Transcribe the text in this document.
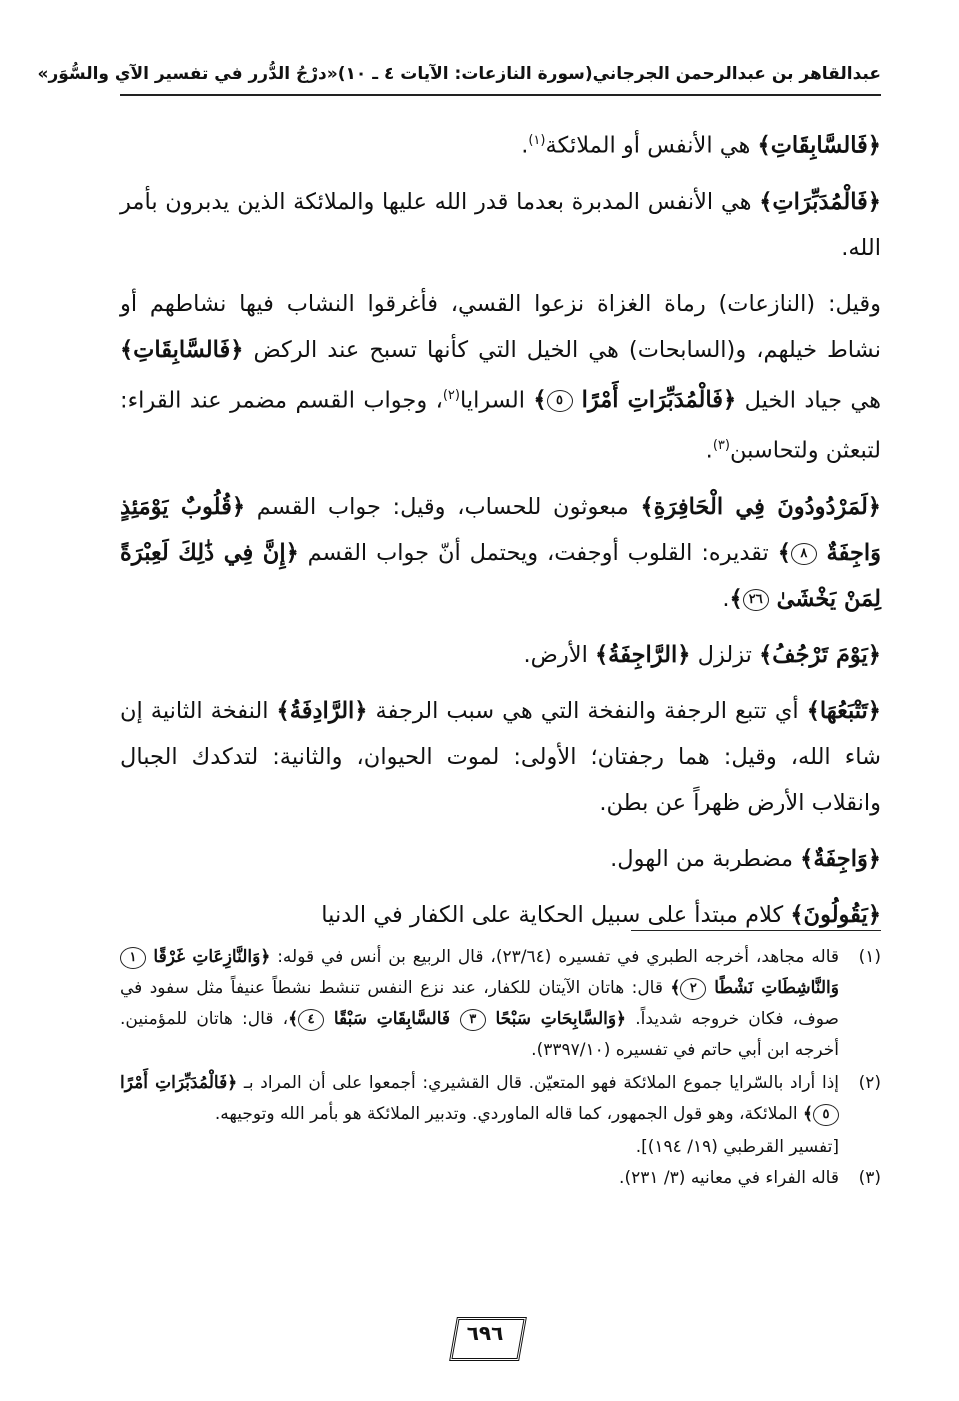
عبدالقاهر بن عبدالرحمن الجرجاني
(سورة النازعات: الآيات ٤ ـ ١٠)
«درْجُ الدُّرر في تفسير الآي والسُّوَر»

﴿فَالسَّابِقَاتِ﴾ هي الأنفس أو الملائكة$^{(١)}$.

﴿فَالْمُدَبِّرَاتِ﴾ هي الأنفس المدبرة بعدما قدر الله عليها والملائكة الذين يدبرون بأمر الله.

وقيل: (النازعات) رماة الغزاة نزعوا القسي، فأغرقوا النشاب فيها نشاطهم أو نشاط خيلهم، و(السابحات) هي الخيل التي كأنها تسبح عند الركض ﴿فَالسَّابِقَاتِ﴾ هي جياد الخيل ﴿فَالْمُدَبِّرَاتِ أَمْرًا ٥﴾ السرايا$^{(٢)}$، وجواب القسم مضمر عند القراء: لتبعثن ولتحاسبن$^{(٣)}$.

﴿لَمَرْدُودُونَ فِي الْحَافِرَةِ﴾ مبعوثون للحساب، وقيل: جواب القسم ﴿قُلُوبٌ يَوْمَئِذٍ وَاجِفَةٌ ٨﴾ تقديره: القلوب أوجفت، ويحتمل أنّ جواب القسم ﴿إِنَّ فِي ذَٰلِكَ لَعِبْرَةً لِمَنْ يَخْشَىٰ ٢٦﴾.

﴿يَوْمَ تَرْجُفُ﴾ تزلزل ﴿الرَّاجِفَةُ﴾ الأرض.

﴿تَتْبَعُهَا﴾ أي تتبع الرجفة والنفخة التي هي سبب الرجفة ﴿الرَّادِفَةُ﴾ النفخة الثانية إن شاء الله، وقيل: هما رجفتان؛ الأولى: لموت الحيوان، والثانية: لتدكدك الجبال وانقلاب الأرض ظهراً عن بطن.

﴿وَاجِفَةٌ﴾ مضطربة من الهول.

﴿يَقُولُونَ﴾ كلام مبتدأ على سبيل الحكاية على الكفار في الدنيا

(١)
قاله مجاهد، أخرجه الطبري في تفسيره (٢٣/٦٤)، قال الربيع بن أنس في قوله: ﴿وَالنَّازِعَاتِ غَرْقًا ١ وَالنَّاشِطَاتِ نَشْطًا ٢﴾ قال: هاتان الآيتان للكفار، عند نزع النفس تنشط نشطاً عنيفاً مثل سفود في صوف، فكان خروجه شديداً. ﴿وَالسَّابِحَاتِ سَبْحًا ٣ فَالسَّابِقَاتِ سَبْقًا ٤﴾، قال: هاتان للمؤمنين. أخرجه ابن أبي حاتم في تفسيره (٣٣٩٧/١٠).
(٢)
إذا أراد بالسّرايا جموع الملائكة فهو المتعيّن. قال القشيري: أجمعوا على أن المراد بـ ﴿فَالْمُدَبِّرَاتِ أَمْرًا ٥﴾ الملائكة، وهو قول الجمهور، كما قاله الماوردي. وتدبير الملائكة هو بأمر الله وتوجيهه.
[تفسير القرطبي (١٩/ ١٩٤)].
(٣)
قاله الفراء في معانيه (٣/ ٢٣١).
٦٩٦
